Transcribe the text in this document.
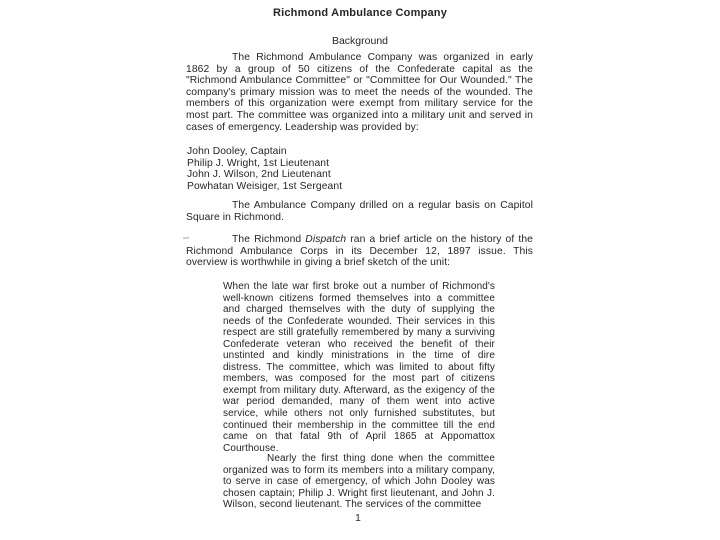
Richmond Ambulance Company
Background

The Richmond Ambulance Company was organized in early 1862 by a group of 50 citizens of the Confederate capital as the "Richmond Ambulance Committee" or "Committee for Our Wounded." The company's primary mission was to meet the needs of the wounded. The members of this organization were exempt from military service for the most part. The committee was organized into a military unit and served in cases of emergency. Leadership was provided by:

John Dooley, Captain
Philip J. Wright, 1st Lieutenant
John J. Wilson, 2nd Lieutenant
Powhatan Weisiger, 1st Sergeant

The Ambulance Company drilled on a regular basis on Capitol Square in Richmond.

The Richmond Dispatch ran a brief article on the history of the Richmond Ambulance Corps in its December 12, 1897 issue. This overview is worthwhile in giving a brief sketch of the unit:

When the late war first broke out a number of Richmond's well-known citizens formed themselves into a committee and charged themselves with the duty of supplying the needs of the Confederate wounded. Their services in this respect are still gratefully remembered by many a surviving Confederate veteran who received the benefit of their unstinted and kindly ministrations in the time of dire distress. The committee, which was limited to about fifty members, was composed for the most part of citizens exempt from military duty. Afterward, as the exigency of the war period demanded, many of them went into active service, while others not only furnished substitutes, but continued their membership in the committee till the end came on that fatal 9th of April 1865 at Appomattox Courthouse.

Nearly the first thing done when the committee organized was to form its members into a military company, to serve in case of emergency, of which John Dooley was chosen captain; Philip J. Wright first lieutenant, and John J. Wilson, second lieutenant. The services of the committee

1
